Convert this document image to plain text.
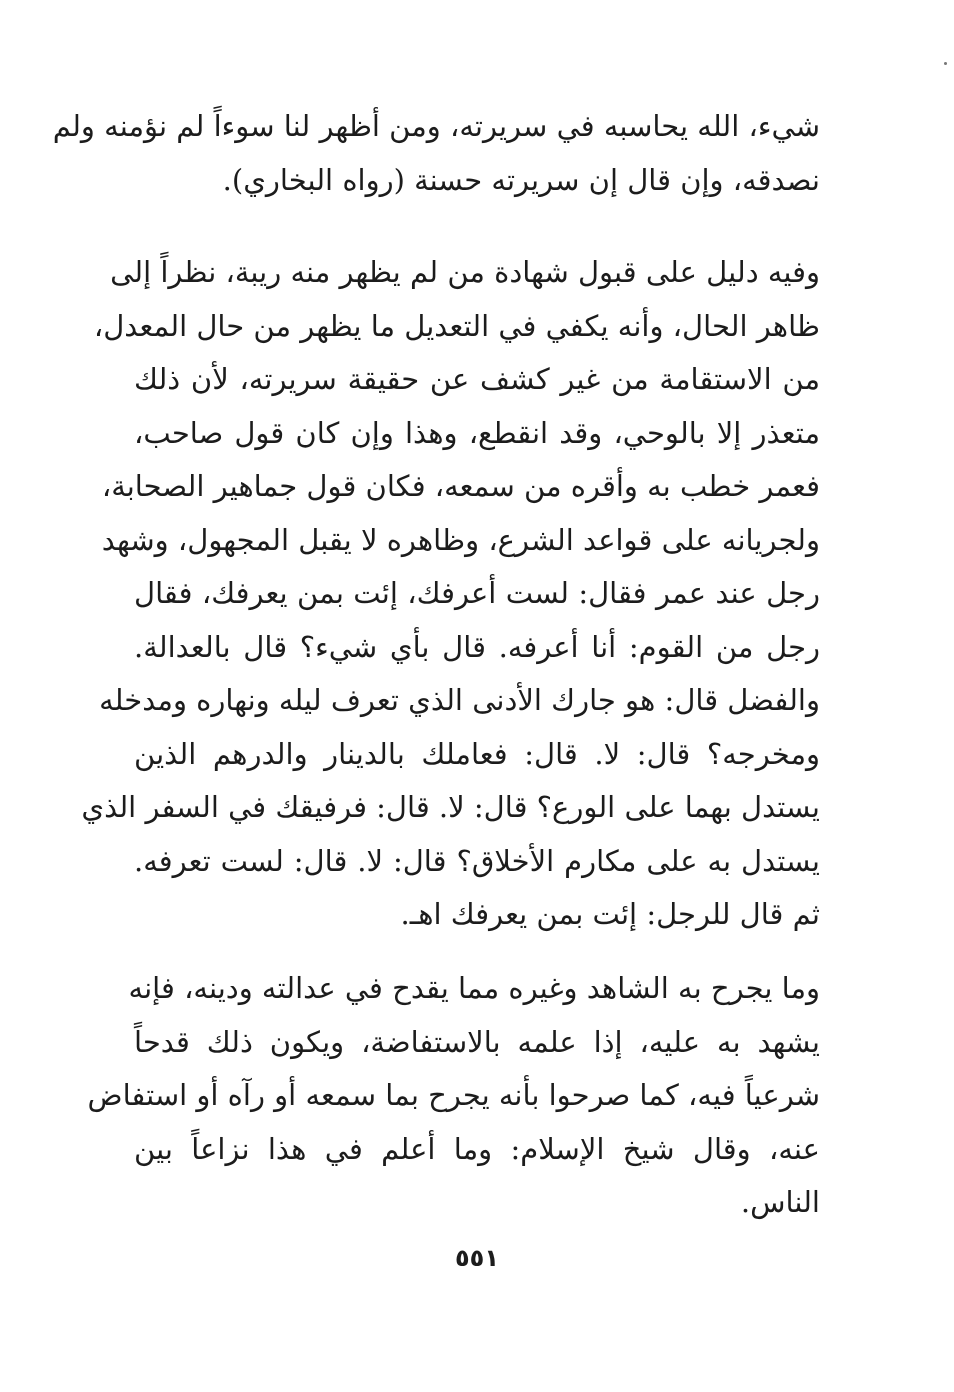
شيء، الله يحاسبه في سريرته، ومن أظهر لنا سوءاً لم نؤمنه ولم
نصدقه، وإن قال إن سريرته حسنة (رواه البخاري).
وفيه دليل على قبول شهادة من لم يظهر منه ريبة، نظراً إلى
ظاهر الحال، وأنه يكفي في التعديل ما يظهر من حال المعدل،
من الاستقامة من غير كشف عن حقيقة سريرته، لأن ذلك
متعذر إلا بالوحي، وقد انقطع، وهذا وإن كان قول صاحب،
فعمر خطب به وأقره من سمعه، فكان قول جماهير الصحابة،
ولجريانه على قواعد الشرع، وظاهره لا يقبل المجهول، وشهد
رجل عند عمر فقال: لست أعرفك، إئت بمن يعرفك، فقال
رجل من القوم: أنا أعرفه. قال بأي شيء؟ قال بالعدالة.
والفضل قال: هو جارك الأدنى الذي تعرف ليله ونهاره ومدخله
ومخرجه؟ قال: لا. قال: فعاملك بالدينار والدرهم الذين
يستدل بهما على الورع؟ قال: لا. قال: فرفيقك في السفر الذي
يستدل به على مكارم الأخلاق؟ قال: لا. قال: لست تعرفه.
ثم قال للرجل: إئت بمن يعرفك اهـ.
وما يجرح به الشاهد وغيره مما يقدح في عدالته ودينه، فإنه
يشهد به عليه، إذا علمه بالاستفاضة، ويكون ذلك قدحاً
شرعياً فيه، كما صرحوا بأنه يجرح بما سمعه أو رآه أو استفاض
عنه، وقال شيخ الإسلام: وما أعلم في هذا نزاعاً بين
الناس.
٥٥١
